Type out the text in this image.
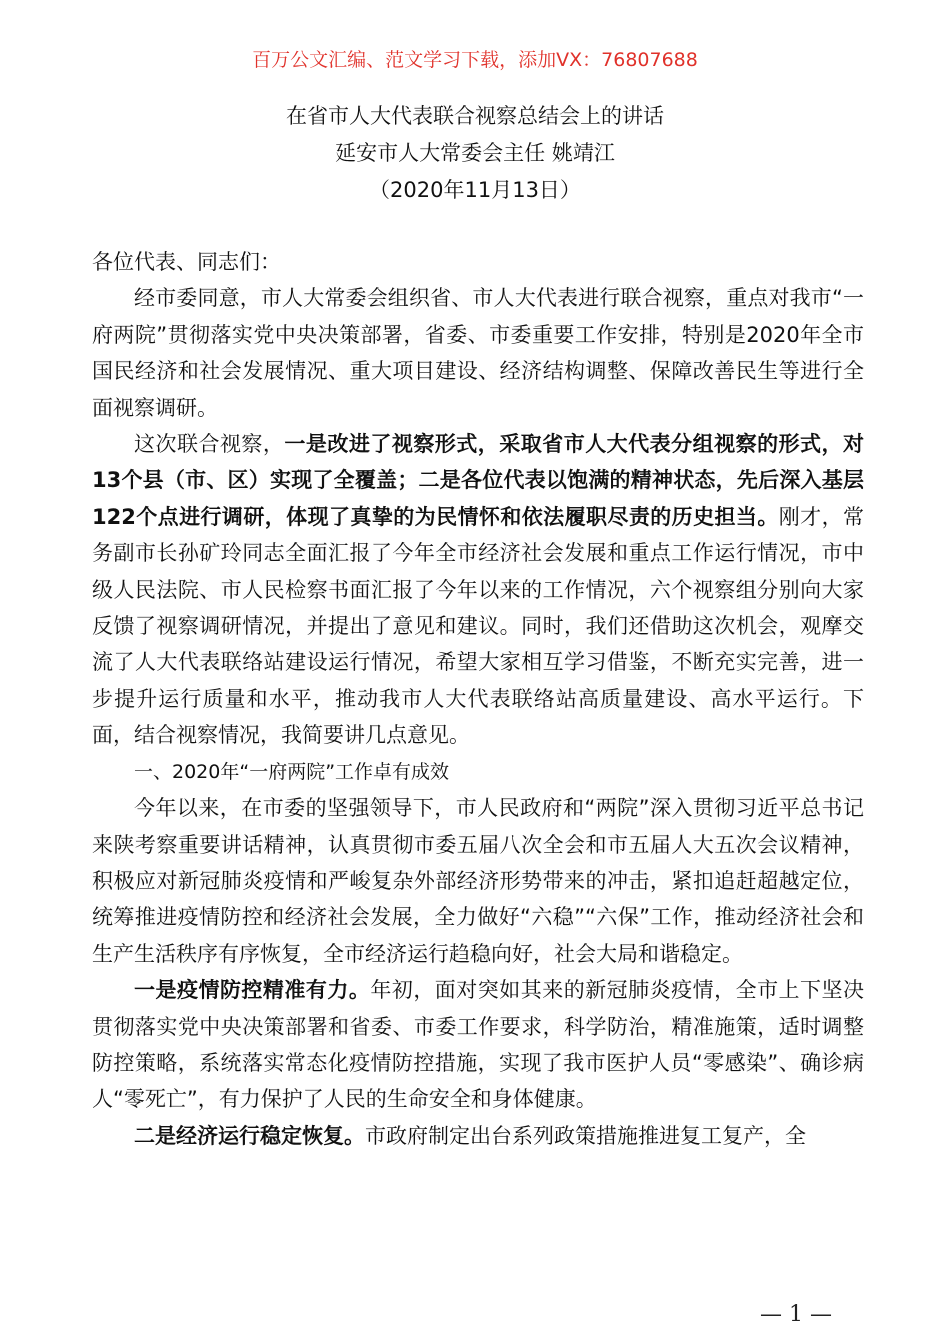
百万公文汇编、范文学习下载，添加VX：76807688
在省市人大代表联合视察总结会上的讲话
延安市人大常委会主任 姚靖江
（2020年11月13日）

各位代表、同志们：

经市委同意，市人大常委会组织省、市人大代表进行联合视察，重点对我市“一府两院”贯彻落实党中央决策部署，省委、市委重要工作安排，特别是2020年全市国民经济和社会发展情况、重大项目建设、经济结构调整、保障改善民生等进行全面视察调研。

这次联合视察，一是改进了视察形式，采取省市人大代表分组视察的形式，对13个县（市、区）实现了全覆盖；二是各位代表以饱满的精神状态，先后深入基层122个点进行调研，体现了真挚的为民情怀和依法履职尽责的历史担当。刚才，常务副市长孙矿玲同志全面汇报了今年全市经济社会发展和重点工作运行情况，市中级人民法院、市人民检察书面汇报了今年以来的工作情况，六个视察组分别向大家反馈了视察调研情况，并提出了意见和建议。同时，我们还借助这次机会，观摩交流了人大代表联络站建设运行情况，希望大家相互学习借鉴，不断充实完善，进一步提升运行质量和水平，推动我市人大代表联络站高质量建设、高水平运行。下面，结合视察情况，我简要讲几点意见。

一、2020年“一府两院”工作卓有成效

今年以来，在市委的坚强领导下，市人民政府和“两院”深入贯彻习近平总书记来陕考察重要讲话精神，认真贯彻市委五届八次全会和市五届人大五次会议精神，积极应对新冠肺炎疫情和严峻复杂外部经济形势带来的冲击，紧扣追赶超越定位，统筹推进疫情防控和经济社会发展，全力做好“六稳”“六保”工作，推动经济社会和生产生活秩序有序恢复，全市经济运行趋稳向好，社会大局和谐稳定。

一是疫情防控精准有力。年初，面对突如其来的新冠肺炎疫情，全市上下坚决贯彻落实党中央决策部署和省委、市委工作要求，科学防治，精准施策，适时调整防控策略，系统落实常态化疫情防控措施，实现了我市医护人员“零感染”、确诊病人“零死亡”，有力保护了人民的生命安全和身体健康。

二是经济运行稳定恢复。市政府制定出台系列政策措施推进复工复产，全

— 1 —
